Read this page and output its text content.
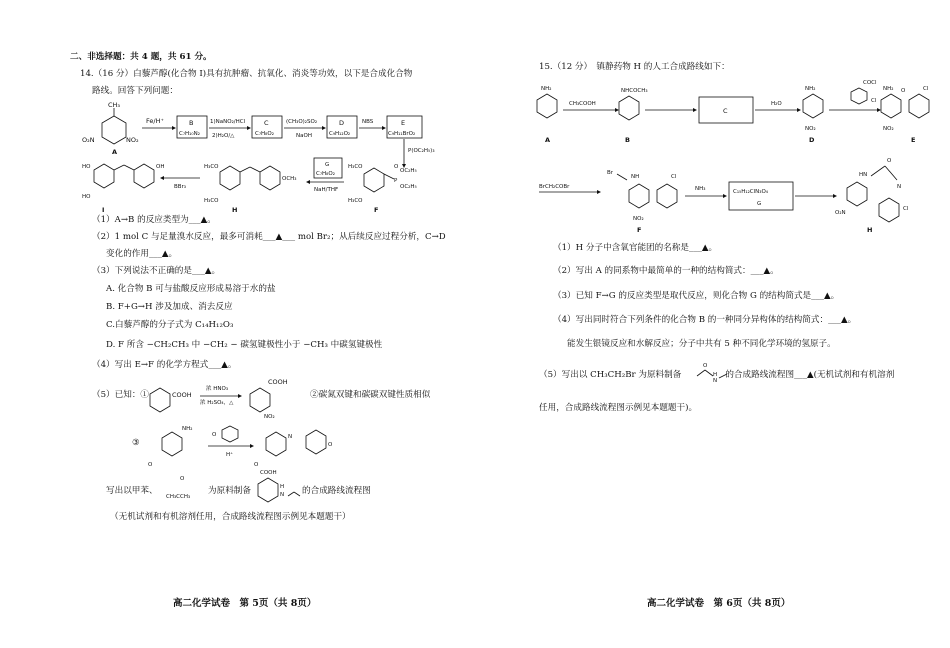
二、非选择题：共 4 题，共 61 分。
14.（16 分）白藜芦醇(化合物 I)具有抗肿瘤、抗氧化、消炎等功效，以下是合成化合物
路线。回答下列问题：
CH₃
O₂N	NO₂
A
Fe/H⁺	B
C₇H₁₀N₂
1)NaNO₂/HCl
2)H₂O/△
C
C₇H₈O₂
(CH₃O)₂SO₂
NaOH
D
C₉H₁₂O₂
NBS	E
C₉H₁₁BrO₂
P(OC₂H₅)₃
HO
HO
OH
I
BBr₃
H₃CO
H₃CO
OCH₃
H
G
C₇H₈O₂
NaH/THF
H₃CO
H₃CO
P
OC₂H₅
OC₂H₅
O
F
（1）A→B 的反应类型为___▲。
（2）1 mol C 与足量溴水反应，最多可消耗___▲___ mol Br₂；从后续反应过程分析，C→D
变化的作用___▲。
（3）下列说法不正确的是___▲。
A. 化合物 B 可与盐酸反应形成易溶于水的盐
B. F+G→H 涉及加成、消去反应
C.白藜芦醇的分子式为 C₁₄H₁₂O₃
D. F 所含 −CH₂CH₃ 中 −CH₂ − 碳氢键极性小于 −CH₃ 中碳氢键极性
（4）写出 E→F 的化学方程式___▲。
（5）已知：①	COOH
浓 HNO₃
浓 H₂SO₄，△
COOH
NO₂
②碳氮双键和碳碳双键性质相似
③
NH₂
O
O
H⁺
N
O
O
写出以甲苯、
O
CH₃CCH₃
为原料制备
COOH
H
N 的合成路线流程图
（无机试剂和有机溶剂任用，合成路线流程图示例见本题题干）
高二化学试卷　第 5页（共 8页）
15.（12 分）　镇静药物 H 的人工合成路线如下：
NH₂
A
CH₃COOH
NHCOCH₃
B
C
H₂O
NH₂
NO₂
D
COCl
Cl
NH₂ O	Cl
NO₂
E
BrCH₂COBr
Br
NH
NO₂
Cl
F
NH₃	C₁₅H₁₂ClN₃O₄
G
O
HN
N
O₂N
Cl
H
（1）H 分子中含氧官能团的名称是___▲。
（2）写出 A 的同系物中最简单的一种的结构简式：___▲。
（3）已知 F→G 的反应类型是取代反应，则化合物 G 的结构简式是___▲。
（4）写出同时符合下列条件的化合物 B 的一种同分异构体的结构简式：___▲。
能发生银镜反应和水解反应；分子中共有 5 种不同化学环境的氢原子。
（5）写出以 CH₃CH₂Br 为原料制备	的合成路线流程图___▲(无机试剂和有机溶剂
O
N
H
任用，合成路线流程图示例见本题题干)。
高二化学试卷　第 6页（共 8页）
